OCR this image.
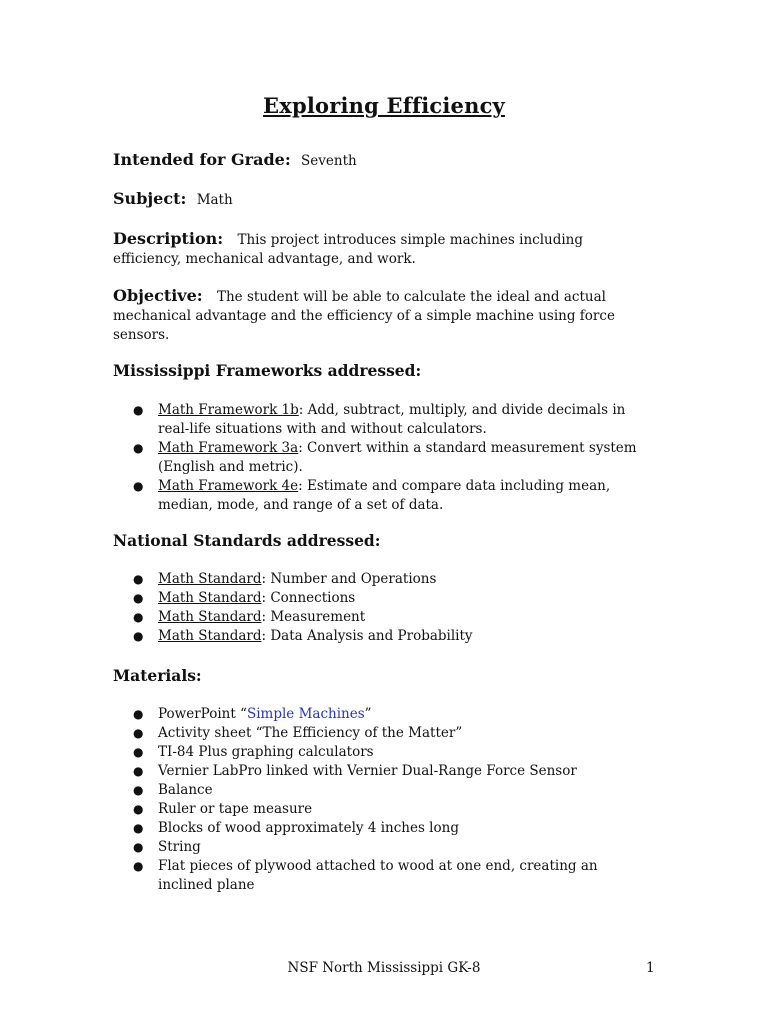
Exploring Efficiency
Intended for Grade: Seventh
Subject: Math
Description: This project introduces simple machines including efficiency, mechanical advantage, and work.
Objective: The student will be able to calculate the ideal and actual mechanical advantage and the efficiency of a simple machine using force sensors.
Mississippi Frameworks addressed:
● Math Framework 1b: Add, subtract, multiply, and divide decimals in real-life situations with and without calculators.
● Math Framework 3a: Convert within a standard measurement system (English and metric).
● Math Framework 4e: Estimate and compare data including mean, median, mode, and range of a set of data.
National Standards addressed:
● Math Standard: Number and Operations
● Math Standard: Connections
● Math Standard: Measurement
● Math Standard: Data Analysis and Probability
Materials:
● PowerPoint “Simple Machines”
● Activity sheet “The Efficiency of the Matter”
● TI-84 Plus graphing calculators
● Vernier LabPro linked with Vernier Dual-Range Force Sensor
● Balance
● Ruler or tape measure
● Blocks of wood approximately 4 inches long
● String
● Flat pieces of plywood attached to wood at one end, creating an inclined plane
NSF North Mississippi GK-8	1
